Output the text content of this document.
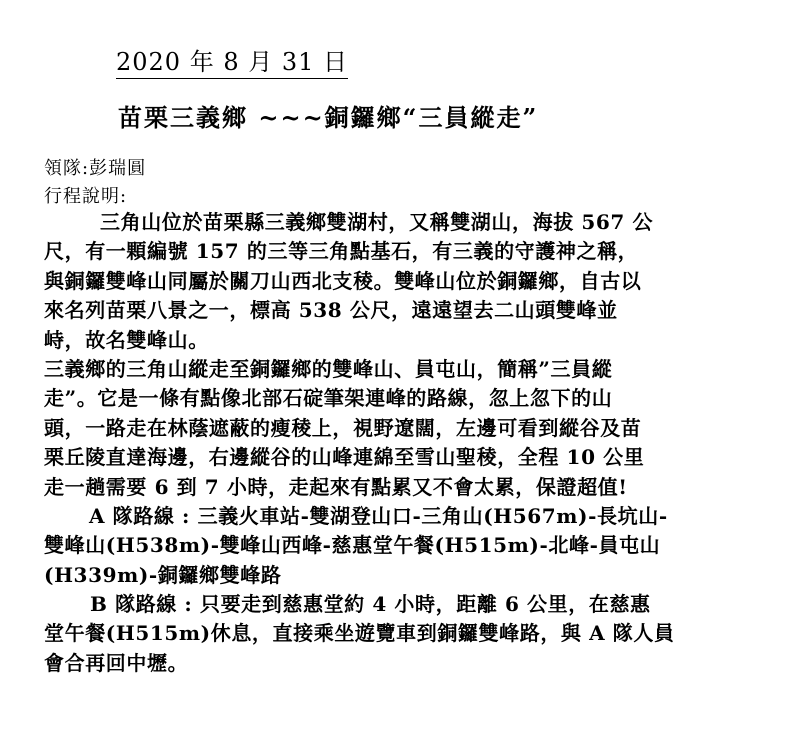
2020 年 8 月 31 日
苗栗三義鄉 ~~~銅鑼鄉“三員縱走”
領隊:彭瑞圓
行程說明:
三角山位於苗栗縣三義鄉雙湖村，又稱雙湖山，海拔 567 公
尺，有一顆編號 157 的三等三角點基石，有三義的守護神之稱，
與銅鑼雙峰山同屬於關刀山西北支稜。雙峰山位於銅鑼鄉，自古以
來名列苗栗八景之一，標高 538 公尺，遠遠望去二山頭雙峰並
峙，故名雙峰山。
三義鄉的三角山縱走至銅鑼鄉的雙峰山、員屯山，簡稱”三員縱
走”。它是一條有點像北部石碇筆架連峰的路線，忽上忽下的山
頭，一路走在林蔭遮蔽的瘦稜上，視野遼闊，左邊可看到縱谷及苗
栗丘陵直達海邊，右邊縱谷的山峰連綿至雪山聖稜，全程 10 公里
走一趟需要 6 到 7 小時，走起來有點累又不會太累，保證超值!
A 隊路線 : 三義火車站-雙湖登山口-三角山(H567m)-長坑山-
雙峰山(H538m)-雙峰山西峰-慈惠堂午餐(H515m)-北峰-員屯山
(H339m)-銅鑼鄉雙峰路
B 隊路線 : 只要走到慈惠堂約 4 小時，距離 6 公里，在慈惠
堂午餐(H515m)休息，直接乘坐遊覽車到銅鑼雙峰路，與 A 隊人員
會合再回中壢。
